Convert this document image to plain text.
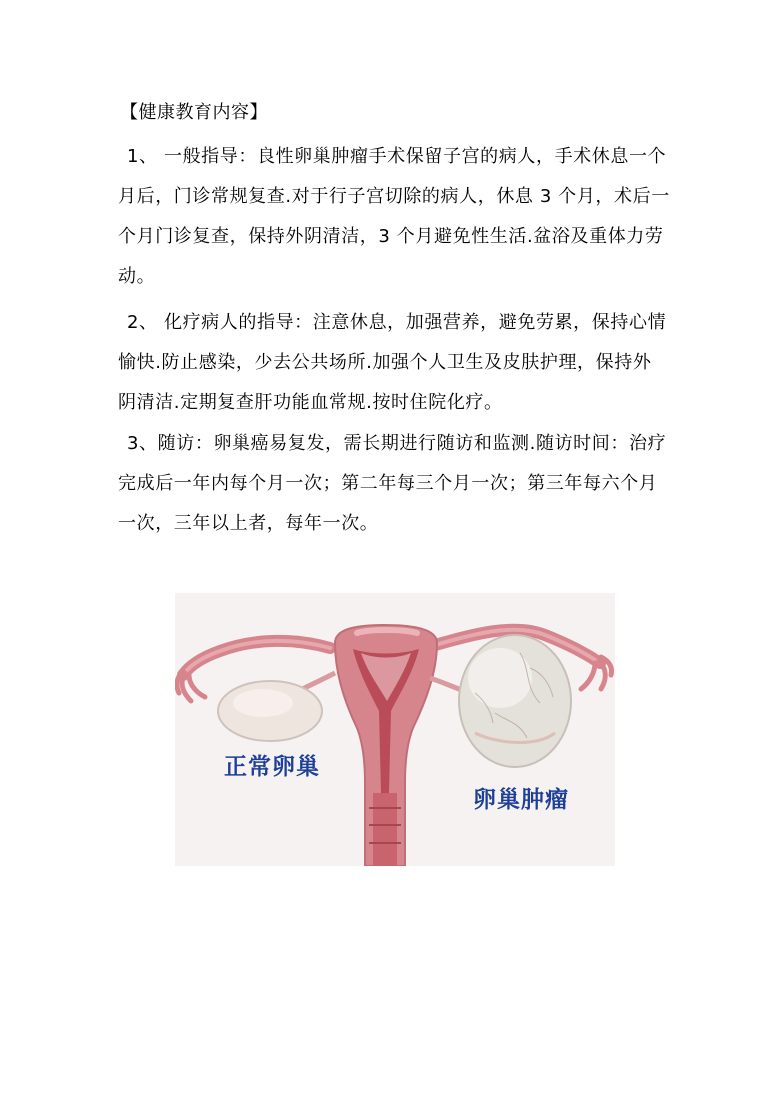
【健康教育内容】
1、 一般指导：良性卵巢肿瘤手术保留子宫的病人，手术休息一个
月后，门诊常规复查.对于行子宫切除的病人，休息 3 个月，术后一
个月门诊复查，保持外阴清洁，3 个月避免性生活.盆浴及重体力劳
动。
2、 化疗病人的指导：注意休息，加强营养，避免劳累，保持心情
愉快.防止感染，少去公共场所.加强个人卫生及皮肤护理，保持外
阴清洁.定期复查肝功能血常规.按时住院化疗。
3、随访：卵巢癌易复发，需长期进行随访和监测.随访时间：治疗
完成后一年内每个月一次；第二年每三个月一次；第三年每六个月
一次，三年以上者，每年一次。
正常卵巢
卵巢肿瘤
